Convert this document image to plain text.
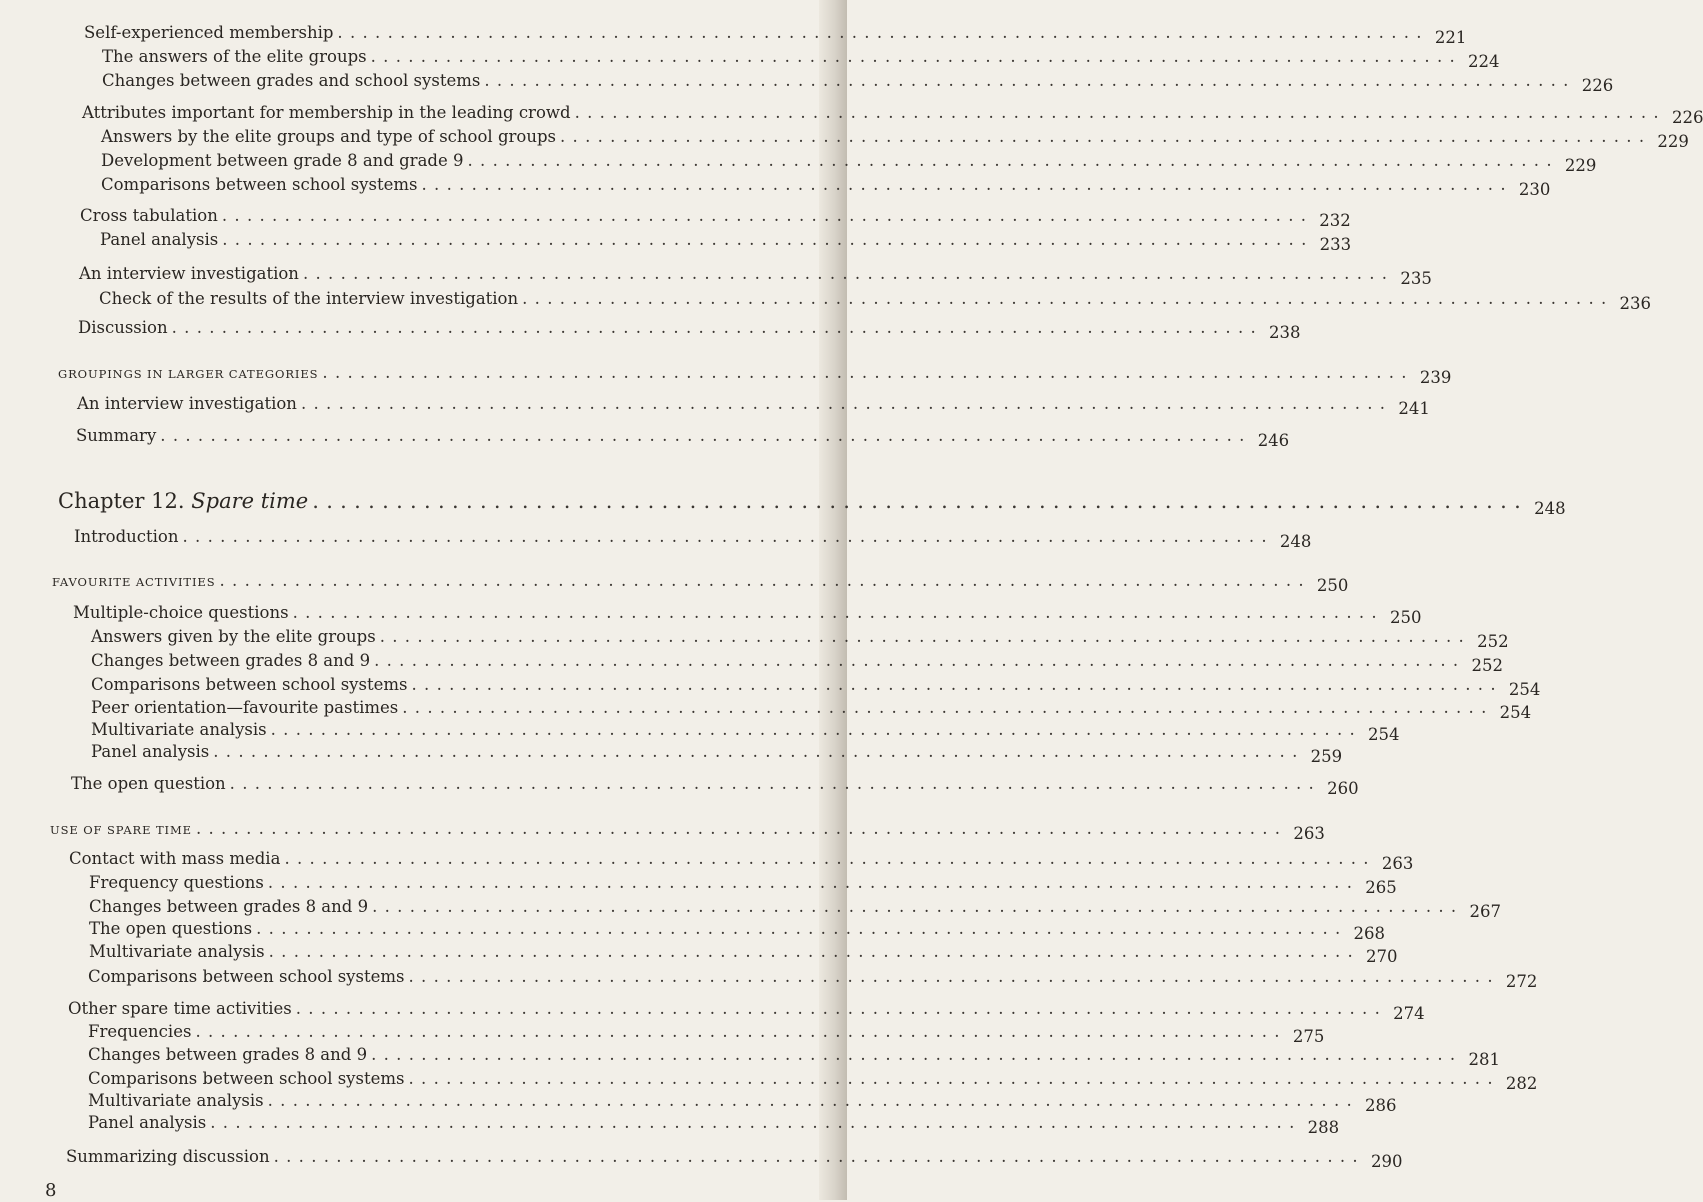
Self-experienced membership ....................................................................................... 221
The answers of the elite groups ....................................................................................... 224
Changes between grades and school systems ....................................................................................... 226
Attributes important for membership in the leading crowd ....................................................................................... 226
Answers by the elite groups and type of school groups ....................................................................................... 229
Development between grade 8 and grade 9 ....................................................................................... 229
Comparisons between school systems ....................................................................................... 230
Cross tabulation ....................................................................................... 232
Panel analysis ....................................................................................... 233
An interview investigation ....................................................................................... 235
Check of the results of the interview investigation ....................................................................................... 236
Discussion ....................................................................................... 238
GROUPINGS IN LARGER CATEGORIES ....................................................................................... 239
An interview investigation ....................................................................................... 241
Summary ....................................................................................... 246
Chapter 12. Spare time ....................................................................................... 248
Introduction ....................................................................................... 248
FAVOURITE ACTIVITIES ....................................................................................... 250
Multiple-choice questions ....................................................................................... 250
Answers given by the elite groups ....................................................................................... 252
Changes between grades 8 and 9 ....................................................................................... 252
Comparisons between school systems ....................................................................................... 254
Peer orientation—favourite pastimes ....................................................................................... 254
Multivariate analysis ....................................................................................... 254
Panel analysis ....................................................................................... 259
The open question ....................................................................................... 260
USE OF SPARE TIME ....................................................................................... 263
Contact with mass media ....................................................................................... 263
Frequency questions ....................................................................................... 265
Changes between grades 8 and 9 ....................................................................................... 267
The open questions ....................................................................................... 268
Multivariate analysis ....................................................................................... 270
Comparisons between school systems ....................................................................................... 272
Other spare time activities ....................................................................................... 274
Frequencies ....................................................................................... 275
Changes between grades 8 and 9 ....................................................................................... 281
Comparisons between school systems ....................................................................................... 282
Multivariate analysis ....................................................................................... 286
Panel analysis ....................................................................................... 288
Summarizing discussion ....................................................................................... 290
8
